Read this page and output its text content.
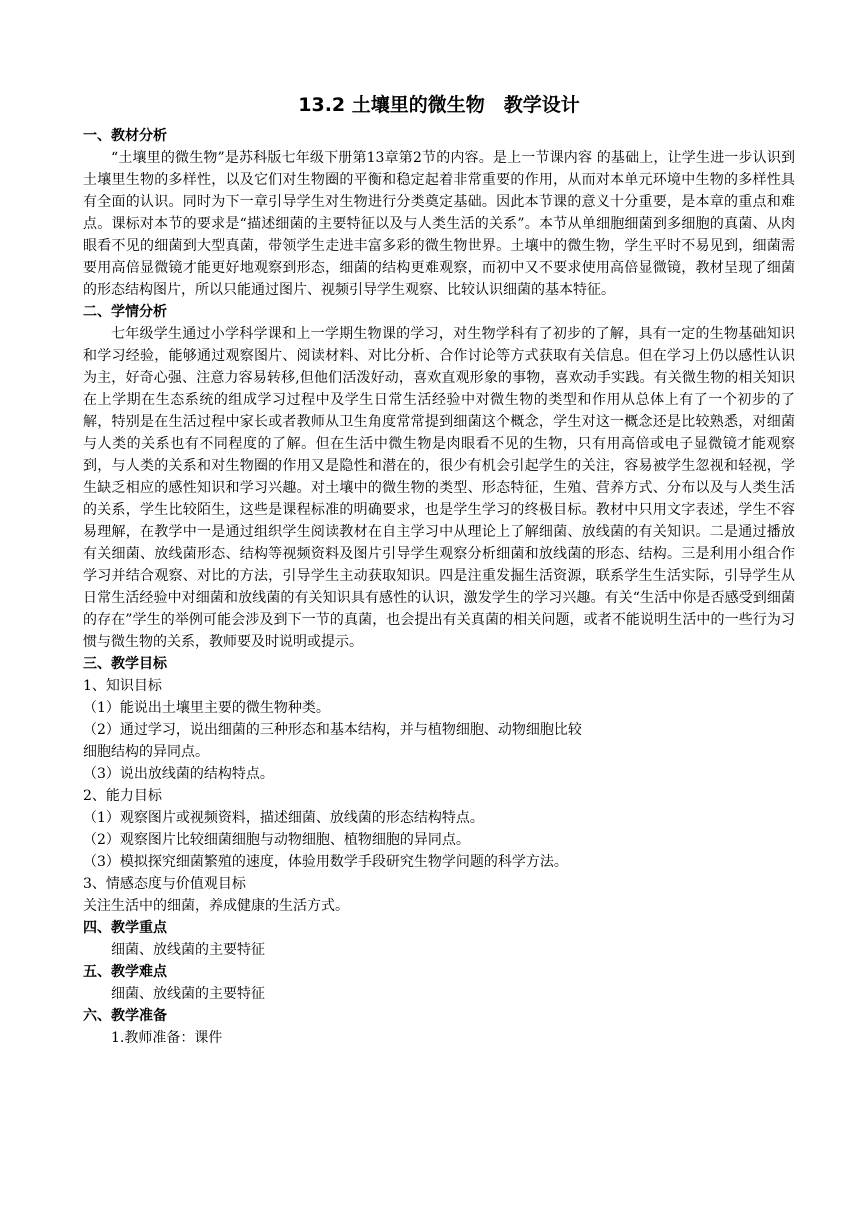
13.2 土壤里的微生物　教学设计
一、教材分析
“土壤里的微生物”是苏科版七年级下册第13章第2节的内容。是上一节课内容 的基础上，让学生进一步认识到土壤里生物的多样性，以及它们对生物圈的平衡和稳定起着非常重要的作用，从而对本单元环境中生物的多样性具有全面的认识。同时为下一章引导学生对生物进行分类奠定基础。因此本节课的意义十分重要，是本章的重点和难点。课标对本节的要求是“描述细菌的主要特征以及与人类生活的关系”。本节从单细胞细菌到多细胞的真菌、从肉眼看不见的细菌到大型真菌，带领学生走进丰富多彩的微生物世界。土壤中的微生物，学生平时不易见到，细菌需要用高倍显微镜才能更好地观察到形态，细菌的结构更难观察，而初中又不要求使用高倍显微镜，教材呈现了细菌的形态结构图片，所以只能通过图片、视频引导学生观察、比较认识细菌的基本特征。
二、学情分析
七年级学生通过小学科学课和上一学期生物课的学习，对生物学科有了初步的了解，具有一定的生物基础知识和学习经验，能够通过观察图片、阅读材料、对比分析、合作讨论等方式获取有关信息。但在学习上仍以感性认识为主，好奇心强、注意力容易转移,但他们活泼好动，喜欢直观形象的事物，喜欢动手实践。有关微生物的相关知识在上学期在生态系统的组成学习过程中及学生日常生活经验中对微生物的类型和作用从总体上有了一个初步的了解，特别是在生活过程中家长或者教师从卫生角度常常提到细菌这个概念，学生对这一概念还是比较熟悉，对细菌与人类的关系也有不同程度的了解。但在生活中微生物是肉眼看不见的生物，只有用高倍或电子显微镜才能观察到，与人类的关系和对生物圈的作用又是隐性和潜在的，很少有机会引起学生的关注，容易被学生忽视和轻视，学生缺乏相应的感性知识和学习兴趣。对土壤中的微生物的类型、形态特征，生殖、营养方式、分布以及与人类生活的关系，学生比较陌生，这些是课程标准的明确要求，也是学生学习的终极目标。教材中只用文字表述，学生不容易理解，在教学中一是通过组织学生阅读教材在自主学习中从理论上了解细菌、放线菌的有关知识。二是通过播放有关细菌、放线菌形态、结构等视频资料及图片引导学生观察分析细菌和放线菌的形态、结构。三是利用小组合作学习并结合观察、对比的方法，引导学生主动获取知识。四是注重发掘生活资源，联系学生生活实际，引导学生从日常生活经验中对细菌和放线菌的有关知识具有感性的认识，激发学生的学习兴趣。有关“生活中你是否感受到细菌的存在”学生的举例可能会涉及到下一节的真菌，也会提出有关真菌的相关问题，或者不能说明生活中的一些行为习惯与微生物的关系，教师要及时说明或提示。
三、教学目标
1、知识目标
（1）能说出土壤里主要的微生物种类。
（2）通过学习，说出细菌的三种形态和基本结构，并与植物细胞、动物细胞比较
细胞结构的异同点。
（3）说出放线菌的结构特点。
2、能力目标
（1）观察图片或视频资料，描述细菌、放线菌的形态结构特点。
（2）观察图片比较细菌细胞与动物细胞、植物细胞的异同点。
（3）模拟探究细菌繁殖的速度，体验用数学手段研究生物学问题的科学方法。
3、情感态度与价值观目标
关注生活中的细菌，养成健康的生活方式。
四、教学重点
细菌、放线菌的主要特征
五、教学难点
细菌、放线菌的主要特征
六、教学准备
1.教师准备：课件
